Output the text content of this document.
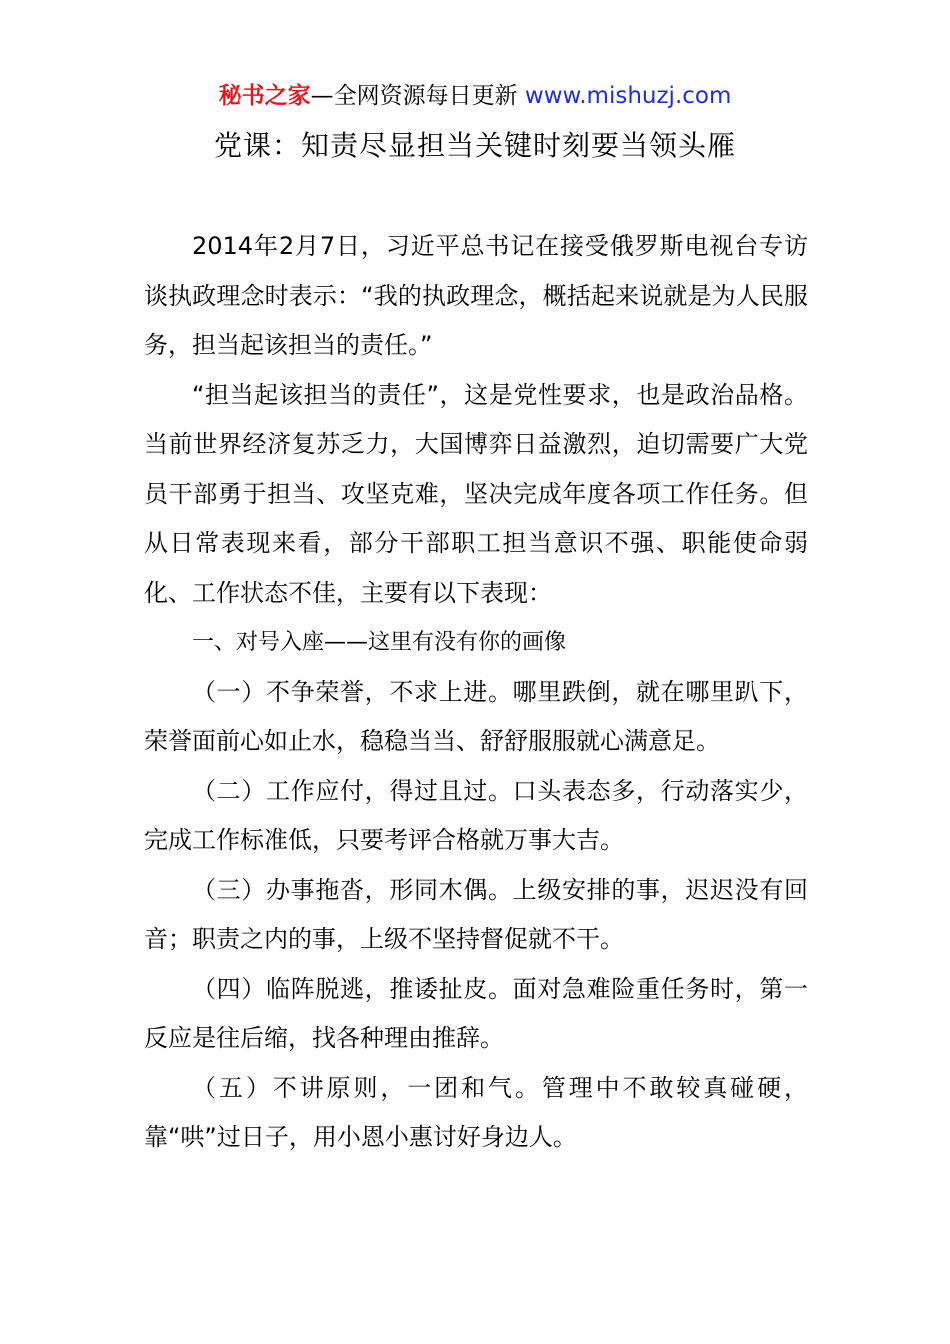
秘书之家—全网资源每日更新 www.mishuzj.com
党课：知责尽显担当关键时刻要当领头雁

2014年2月7日，习近平总书记在接受俄罗斯电视台专访谈执政理念时表示：“我的执政理念，概括起来说就是为人民服务，担当起该担当的责任。”

“担当起该担当的责任”，这是党性要求，也是政治品格。当前世界经济复苏乏力，大国博弈日益激烈，迫切需要广大党员干部勇于担当、攻坚克难，坚决完成年度各项工作任务。但从日常表现来看，部分干部职工担当意识不强、职能使命弱化、工作状态不佳，主要有以下表现：

一、对号入座——这里有没有你的画像

（一）不争荣誉，不求上进。哪里跌倒，就在哪里趴下，荣誉面前心如止水，稳稳当当、舒舒服服就心满意足。

（二）工作应付，得过且过。口头表态多，行动落实少，完成工作标准低，只要考评合格就万事大吉。

（三）办事拖沓，形同木偶。上级安排的事，迟迟没有回音；职责之内的事，上级不坚持督促就不干。

（四）临阵脱逃，推诿扯皮。面对急难险重任务时，第一反应是往后缩，找各种理由推辞。

（五）不讲原则，一团和气。管理中不敢较真碰硬，靠“哄”过日子，用小恩小惠讨好身边人。
